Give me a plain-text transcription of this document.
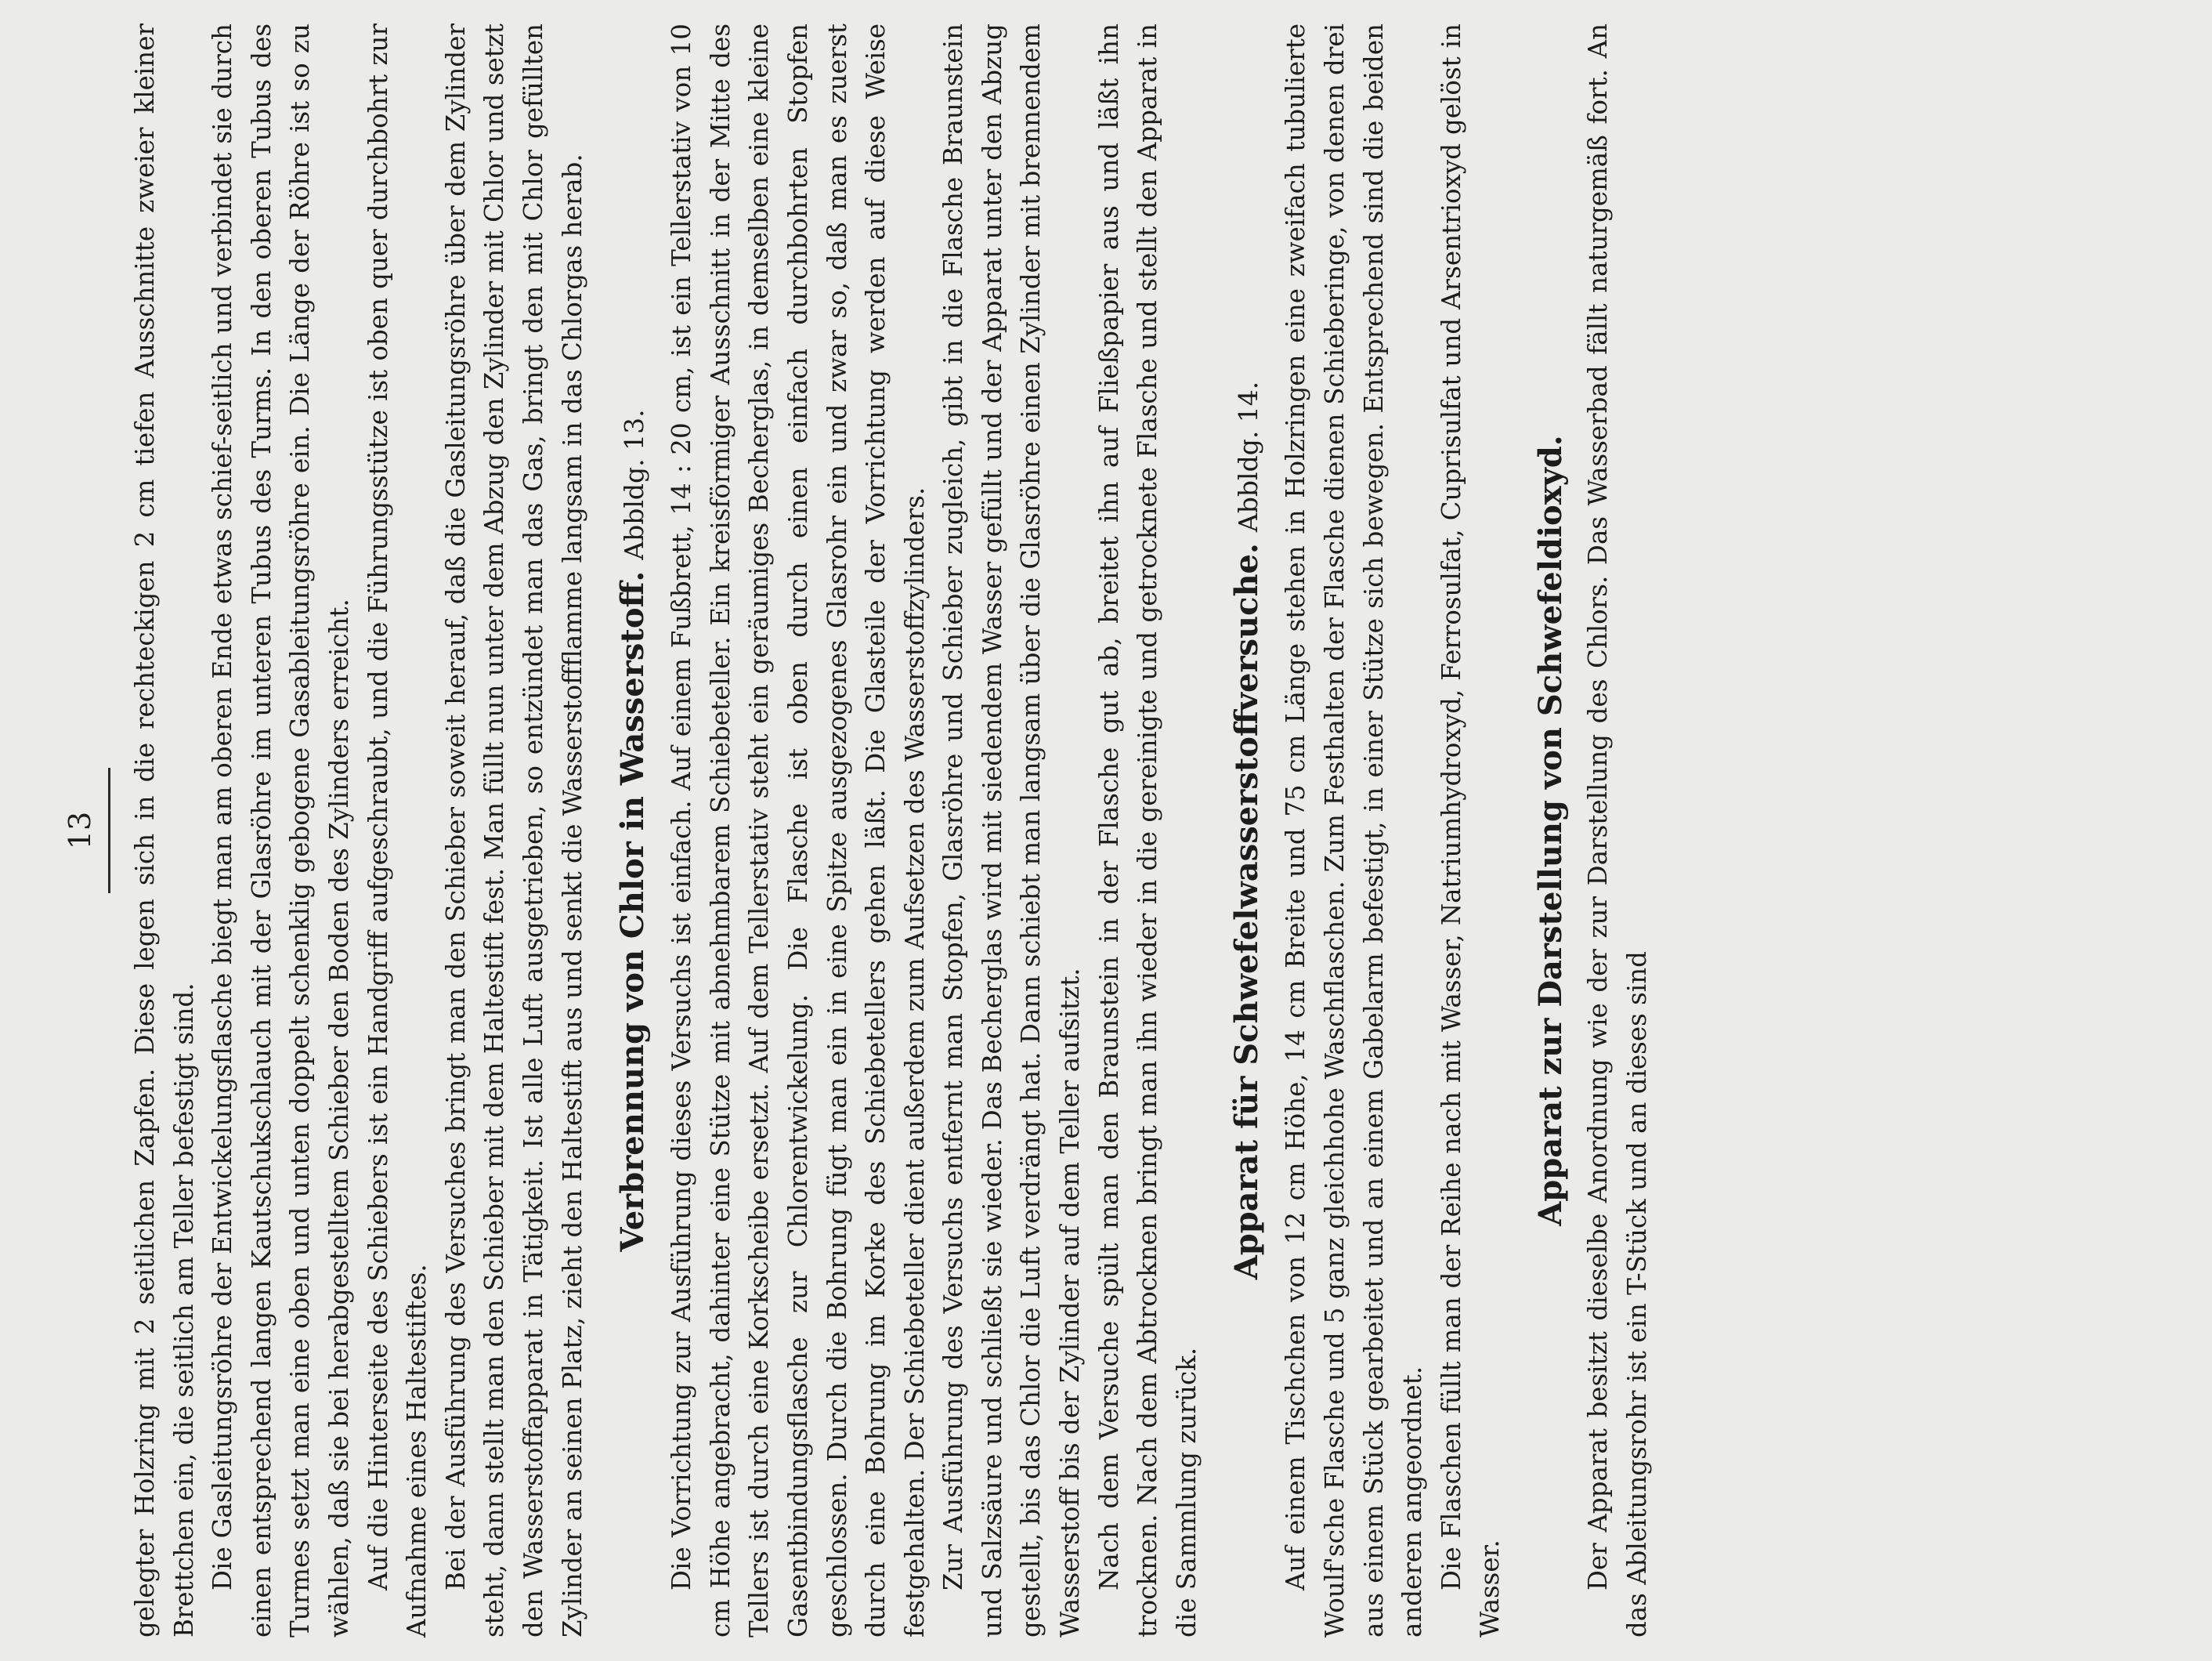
13 gelegter Holzring mit 2 seitlichen Zapfen. Diese legen sich in die rechteckigen 2 cm tiefen Ausschnitte zweier kleiner Brettchen ein, die seitlich am Teller befestigt sind. Die Gasleitungsröhre der Entwickelungsflasche biegt man am oberen Ende etwas schief-seitlich und verbindet sie durch einen entsprechend langen Kautschukschlauch mit der Glasröhre im unteren Tubus des Turms. In den oberen Tubus des Turmes setzt man eine oben und unten doppelt schenklig gebogene Gasableitungsröhre ein. Die Länge der Röhre ist so zu wählen, daß sie bei herabgestelltem Schieber den Boden des Zylinders erreicht. Auf die Hinterseite des Schiebers ist ein Handgriff aufgeschraubt, und die Führungsstütze ist oben quer durchbohrt zur Aufnahme eines Haltestiftes. Bei der Ausführung des Versuches bringt man den Schieber soweit herauf, daß die Gasleitungsröhre über dem Zylinder steht, dann stellt man den Schieber mit dem Haltestift fest. Man füllt nun unter dem Abzug den Zylinder mit Chlor und setzt den Wasserstoffapparat in Tätigkeit. Ist alle Luft ausgetrieben, so entzündet man das Gas, bringt den mit Chlor gefüllten Zylinder an seinen Platz, zieht den Haltestift aus und senkt die Wasserstoffflamme langsam in das Chlorgas herab. Verbrennung von Chlor in Wasserstoff.Abbldg. 13. Die Vorrichtung zur Ausführung dieses Versuchs ist einfach. Auf einem Fußbrett, 14 : 20 cm, ist ein Tellerstativ von 10 cm Höhe angebracht, dahinter eine Stütze mit abnehmbarem Schiebeteller. Ein kreisförmiger Ausschnitt in der Mitte des Tellers ist durch eine Korkscheibe ersetzt. Auf dem Tellerstativ steht ein geräumiges Becherglas, in demselben eine kleine Gasentbindungsflasche zur Chlorentwickelung. Die Flasche ist oben durch einen einfach durchbohrten Stopfen geschlossen. Durch die Bohrung fügt man ein in eine Spitze ausgezogenes Glasrohr ein und zwar so, daß man es zuerst durch eine Bohrung im Korke des Schiebetellers gehen läßt. Die Glasteile der Vorrichtung werden auf diese Weise festgehalten. Der Schiebeteller dient außerdem zum Aufsetzen des Wasserstoffzylinders. Zur Ausführung des Versuchs entfernt man Stopfen, Glasröhre und Schieber zugleich, gibt in die Flasche Braunstein und Salzsäure und schließt sie wieder. Das Becherglas wird mit siedendem Wasser gefüllt und der Apparat unter den Abzug gestellt, bis das Chlor die Luft verdrängt hat. Dann schiebt man langsam über die Glasröhre einen Zylinder mit brennendem Wasserstoff bis der Zylinder auf dem Teller aufsitzt. Nach dem Versuche spült man den Braunstein in der Flasche gut ab, breitet ihn auf Fließpapier aus und läßt ihn trocknen. Nach dem Abtrocknen bringt man ihn wieder in die gereinigte und getrocknete Flasche und stellt den Apparat in die Sammlung zurück.

Apparat für Schwefelwasserstoffversuche.Abbldg. 14. Auf einem Tischchen von 12 cm Höhe, 14 cm Breite und 75 cm Länge stehen in Holzringen eine zweifach tubulierte Woulf'sche Flasche und 5 ganz gleichhohe Waschflaschen. Zum Festhalten der Flasche dienen Schieberinge, von denen drei aus einem Stück gearbeitet und an einem Gabelarm befestigt, in einer Stütze sich bewegen. Entsprechend sind die beiden anderen angeordnet. Die Flaschen füllt man der Reihe nach mit Wasser, Natriumhydroxyd, Ferrosulfat, Cuprisulfat und Arsentrioxyd gelöst in Wasser.

Apparat zur Darstellung von Schwefeldioxyd. Der Apparat besitzt dieselbe Anordnung wie der zur Darstellung des Chlors. Das Wasserbad fällt naturgemäß fort. An das Ableitungsrohr ist ein T-Stück und an dieses sind
